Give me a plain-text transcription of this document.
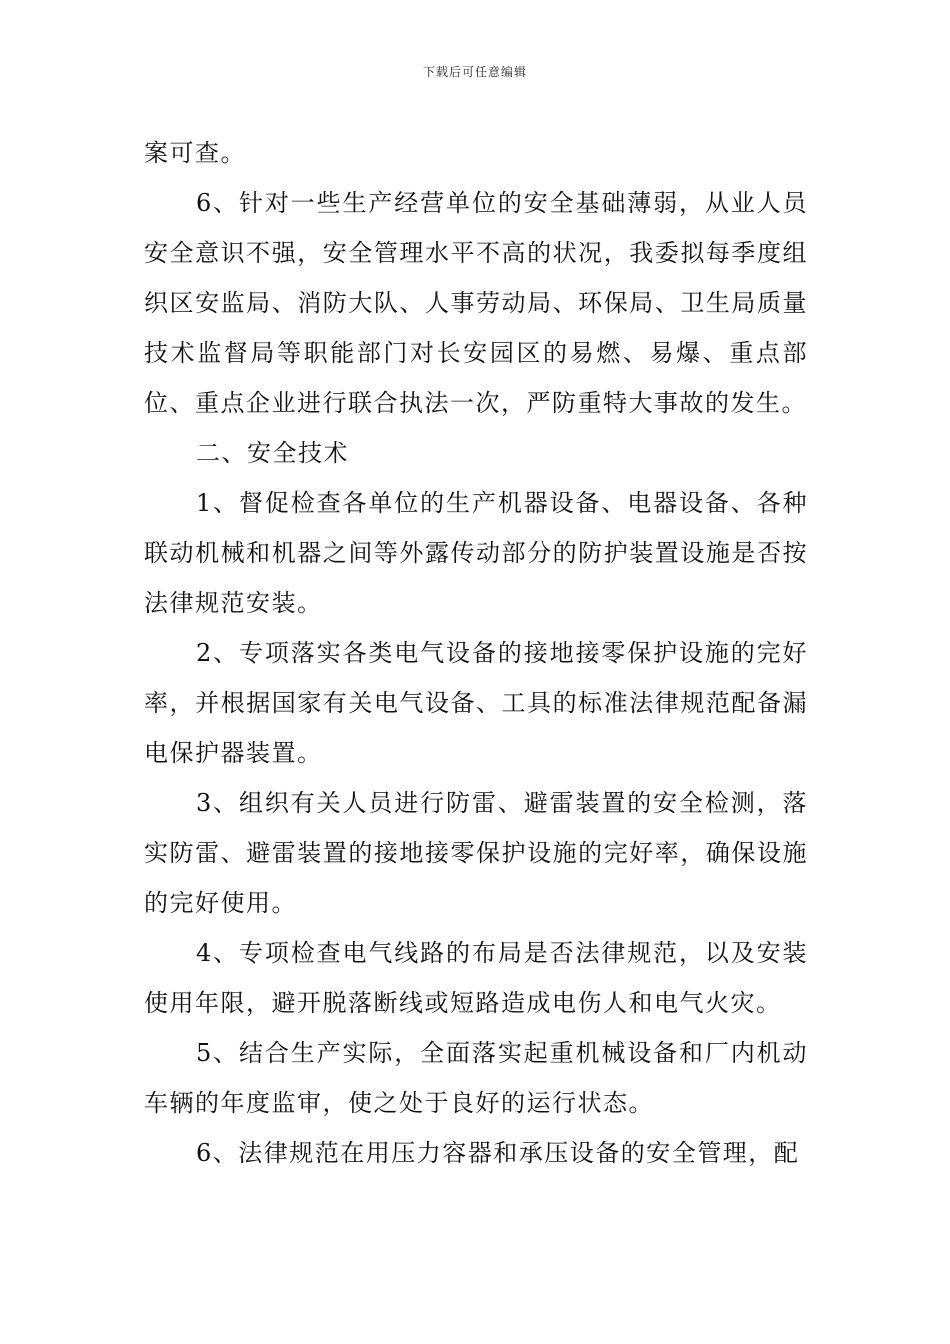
下载后可任意编辑

案可查。

6、针对一些生产经营单位的安全基础薄弱，从业人员安全意识不强，安全管理水平不高的状况，我委拟每季度组织区安监局、消防大队、人事劳动局、环保局、卫生局质量技术监督局等职能部门对长安园区的易燃、易爆、重点部位、重点企业进行联合执法一次，严防重特大事故的发生。

二、安全技术

1、督促检查各单位的生产机器设备、电器设备、各种联动机械和机器之间等外露传动部分的防护装置设施是否按法律规范安装。

2、专项落实各类电气设备的接地接零保护设施的完好率，并根据国家有关电气设备、工具的标准法律规范配备漏电保护器装置。

3、组织有关人员进行防雷、避雷装置的安全检测，落实防雷、避雷装置的接地接零保护设施的完好率，确保设施的完好使用。

4、专项检查电气线路的布局是否法律规范，以及安装使用年限，避开脱落断线或短路造成电伤人和电气火灾。

5、结合生产实际，全面落实起重机械设备和厂内机动车辆的年度监审，使之处于良好的运行状态。

6、法律规范在用压力容器和承压设备的安全管理，配
